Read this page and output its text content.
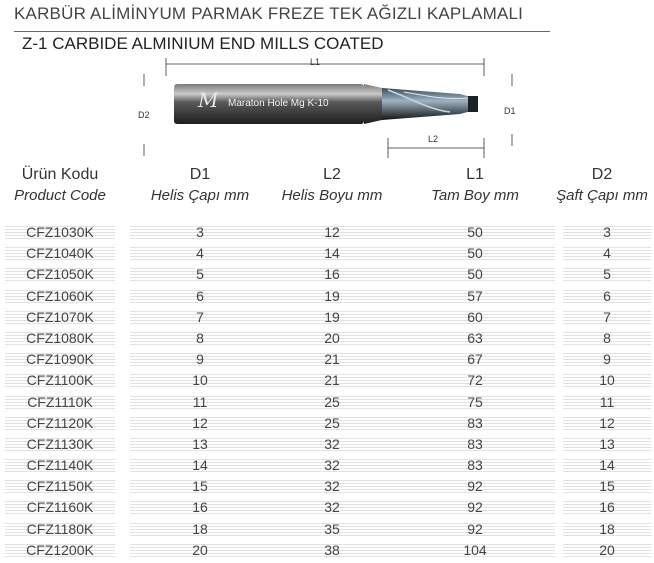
KARBÜR ALİMİNYUM PARMAK FREZE TEK AĞIZLI KAPLAMALI
Z-1 CARBIDE ALMINIUM END MILLS COATED
L1
L2
D2	D1
M Maraton Hole Mg K-10
Ürün Kodu
Product Code
D1
Helis Çapı mm
L2
Helis Boyu mm
L1
Tam Boy mm
D2
Şaft Çapı mm
CFZ1030K	3	12	50	3
CFZ1040K	4	14	50	4
CFZ1050K	5	16	50	5
CFZ1060K	6	19	57	6
CFZ1070K	7	19	60	7
CFZ1080K	8	20	63	8
CFZ1090K	9	21	67	9
CFZ1100K	10	21	72	10
CFZ1110K	11	25	75	11
CFZ1120K	12	25	83	12
CFZ1130K	13	32	83	13
CFZ1140K	14	32	83	14
CFZ1150K	15	32	92	15
CFZ1160K	16	32	92	16
CFZ1180K	18	35	92	18
CFZ1200K	20	38	104	20
